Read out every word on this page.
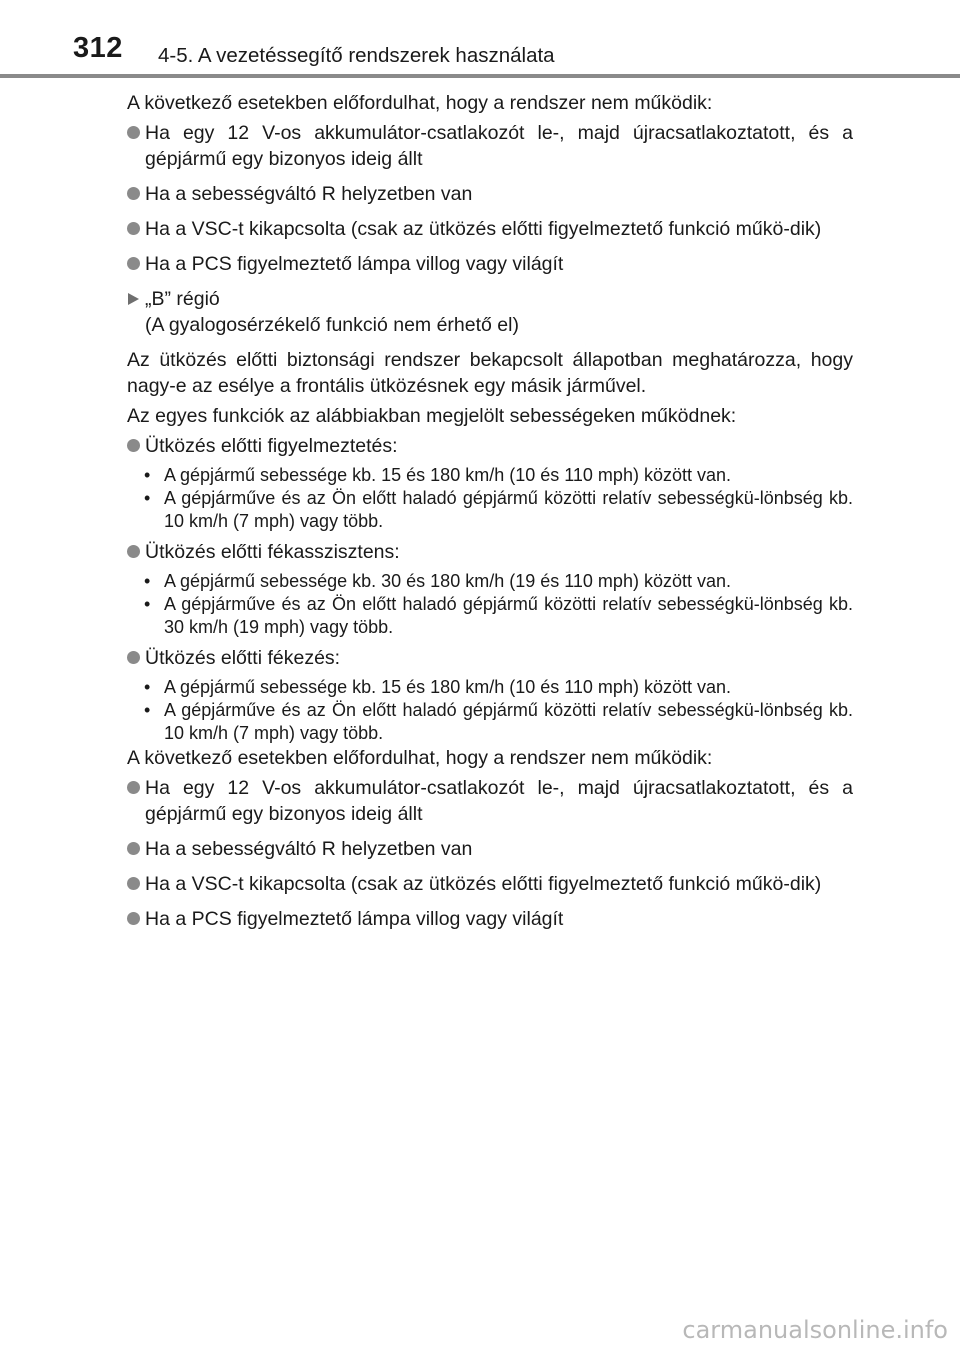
312 4-5. A vezetéssegítő rendszerek használata

A következő esetekben előfordulhat, hogy a rendszer nem működik:

Ha egy 12 V-os akkumulátor-csatlakozót le-, majd újracsatlakoztatott, és a gépjármű egy bizonyos ideig állt
Ha a sebességváltó R helyzetben van
Ha a VSC-t kikapcsolta (csak az ütközés előtti figyelmeztető funkció műkö-dik)
Ha a PCS figyelmeztető lámpa villog vagy világít
„B” régió
(A gyalogosérzékelő funkció nem érhető el)

Az ütközés előtti biztonsági rendszer bekapcsolt állapotban meghatározza, hogy nagy-e az esélye a frontális ütközésnek egy másik járművel.

Az egyes funkciók az alábbiakban megjelölt sebességeken működnek:

Ütközés előtti figyelmeztetés:
• A gépjármű sebessége kb. 15 és 180 km/h (10 és 110 mph) között van.
• A gépjárműve és az Ön előtt haladó gépjármű közötti relatív sebességkü-lönbség kb. 10 km/h (7 mph) vagy több.
Ütközés előtti fékasszisztens:
• A gépjármű sebessége kb. 30 és 180 km/h (19 és 110 mph) között van.
• A gépjárműve és az Ön előtt haladó gépjármű közötti relatív sebességkü-lönbség kb. 30 km/h (19 mph) vagy több.
Ütközés előtti fékezés:
• A gépjármű sebessége kb. 15 és 180 km/h (10 és 110 mph) között van.
• A gépjárműve és az Ön előtt haladó gépjármű közötti relatív sebességkü-lönbség kb. 10 km/h (7 mph) vagy több.

A következő esetekben előfordulhat, hogy a rendszer nem működik:

Ha egy 12 V-os akkumulátor-csatlakozót le-, majd újracsatlakoztatott, és a gépjármű egy bizonyos ideig állt
Ha a sebességváltó R helyzetben van
Ha a VSC-t kikapcsolta (csak az ütközés előtti figyelmeztető funkció műkö-dik)
Ha a PCS figyelmeztető lámpa villog vagy világít
carmanualsonline.info
